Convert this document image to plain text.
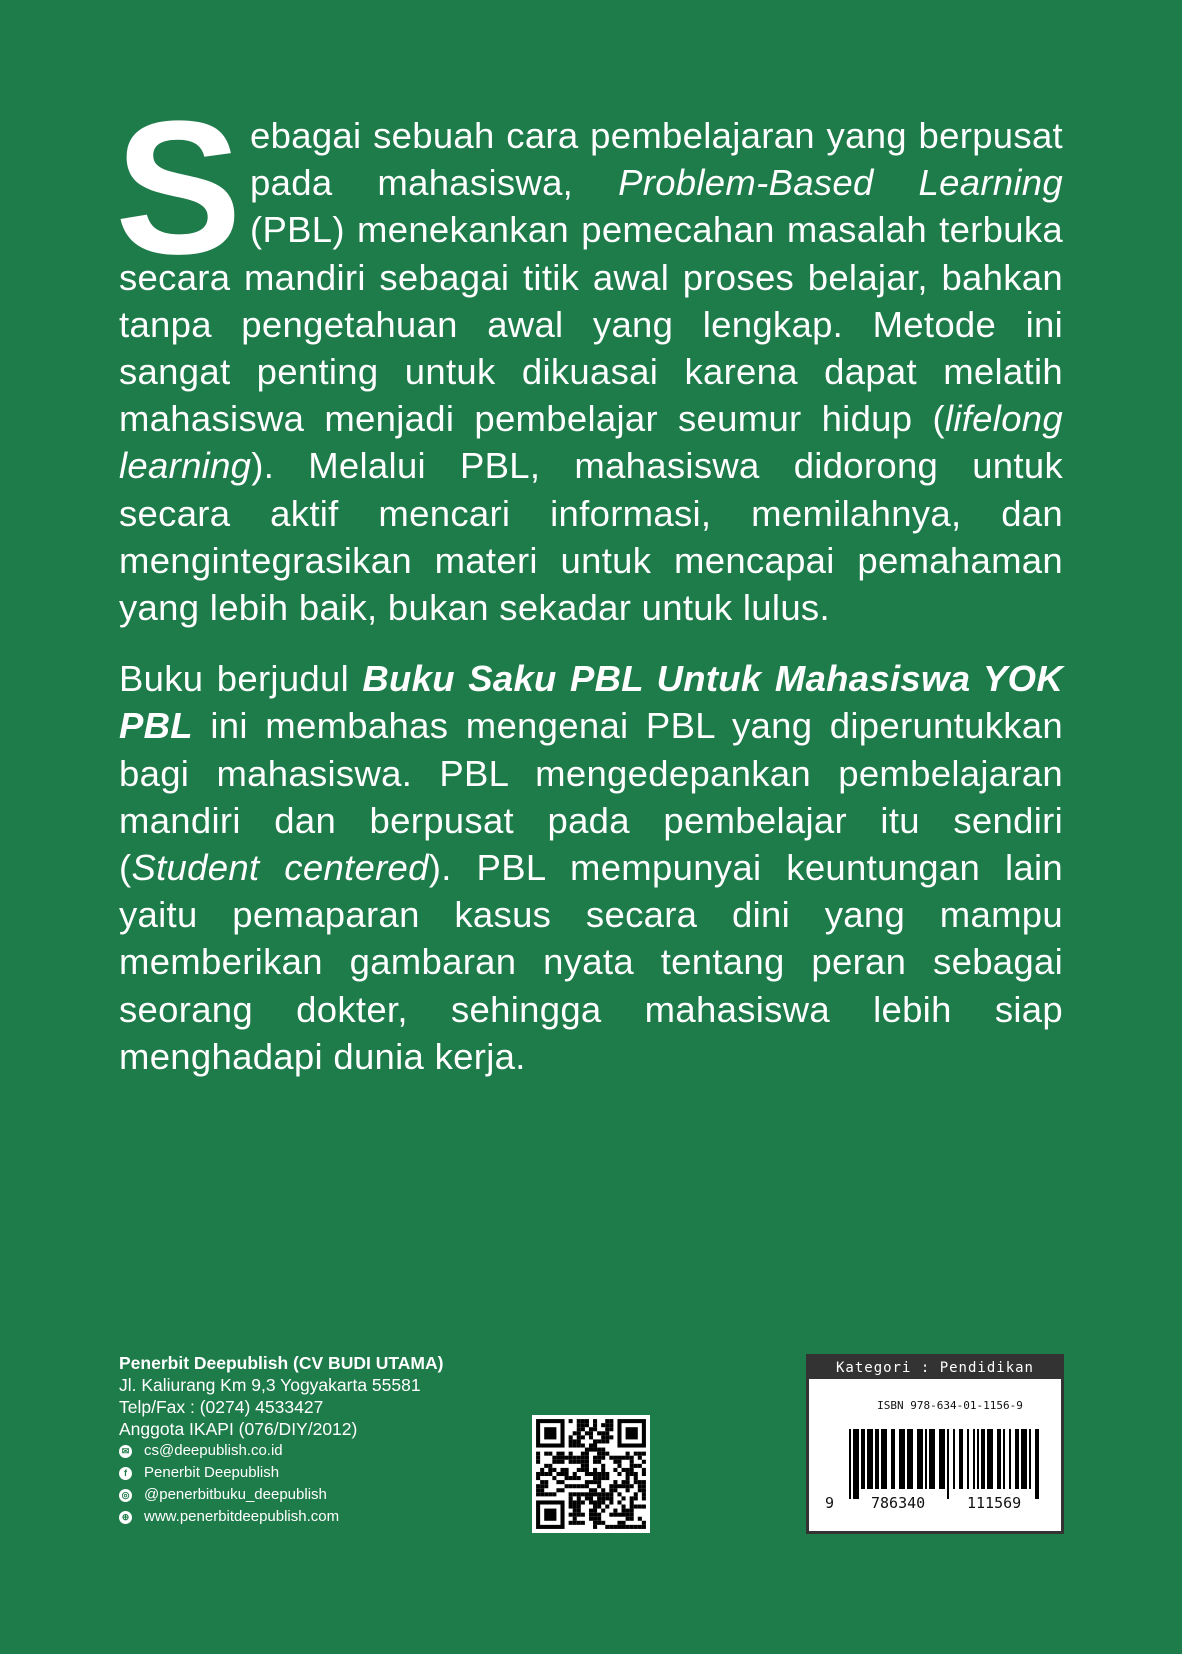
Sebagai sebuah cara pembelajaran yang berpusat pada mahasiswa, Problem-Based Learning (PBL) menekankan pemecahan masalah terbuka secara mandiri sebagai titik awal proses belajar, bahkan tanpa pengetahuan awal yang lengkap. Metode ini sangat penting untuk dikuasai karena dapat melatih mahasiswa menjadi pembelajar seumur hidup (lifelong learning). Melalui PBL, mahasiswa didorong untuk secara aktif mencari informasi, memilahnya, dan mengintegrasikan materi untuk mencapai pemahaman yang lebih baik, bukan sekadar untuk lulus.

Buku berjudul Buku Saku PBL Untuk Mahasiswa YOK PBL ini membahas mengenai PBL yang diperuntukkan bagi mahasiswa. PBL mengedepankan pembelajaran mandiri dan berpusat pada pembelajar itu sendiri (Student centered). PBL mempunyai keuntungan lain yaitu pemaparan kasus secara dini yang mampu memberikan gambaran nyata tentang peran sebagai seorang dokter, sehingga mahasiswa lebih siap menghadapi dunia kerja.

Penerbit Deepublish (CV BUDI UTAMA)
Jl. Kaliurang Km 9,3 Yogyakarta 55581
Telp/Fax : (0274) 4533427
Anggota IKAPI (076/DIY/2012)
✉ cs@deepublish.co.id
f	Penerbit Deepublish
◎ @penerbitbuku_deepublish
⊕ www.penerbitdeepublish.com
Kategori : Pendidikan
ISBN 978-634-01-1156-9
9 786340	111569
